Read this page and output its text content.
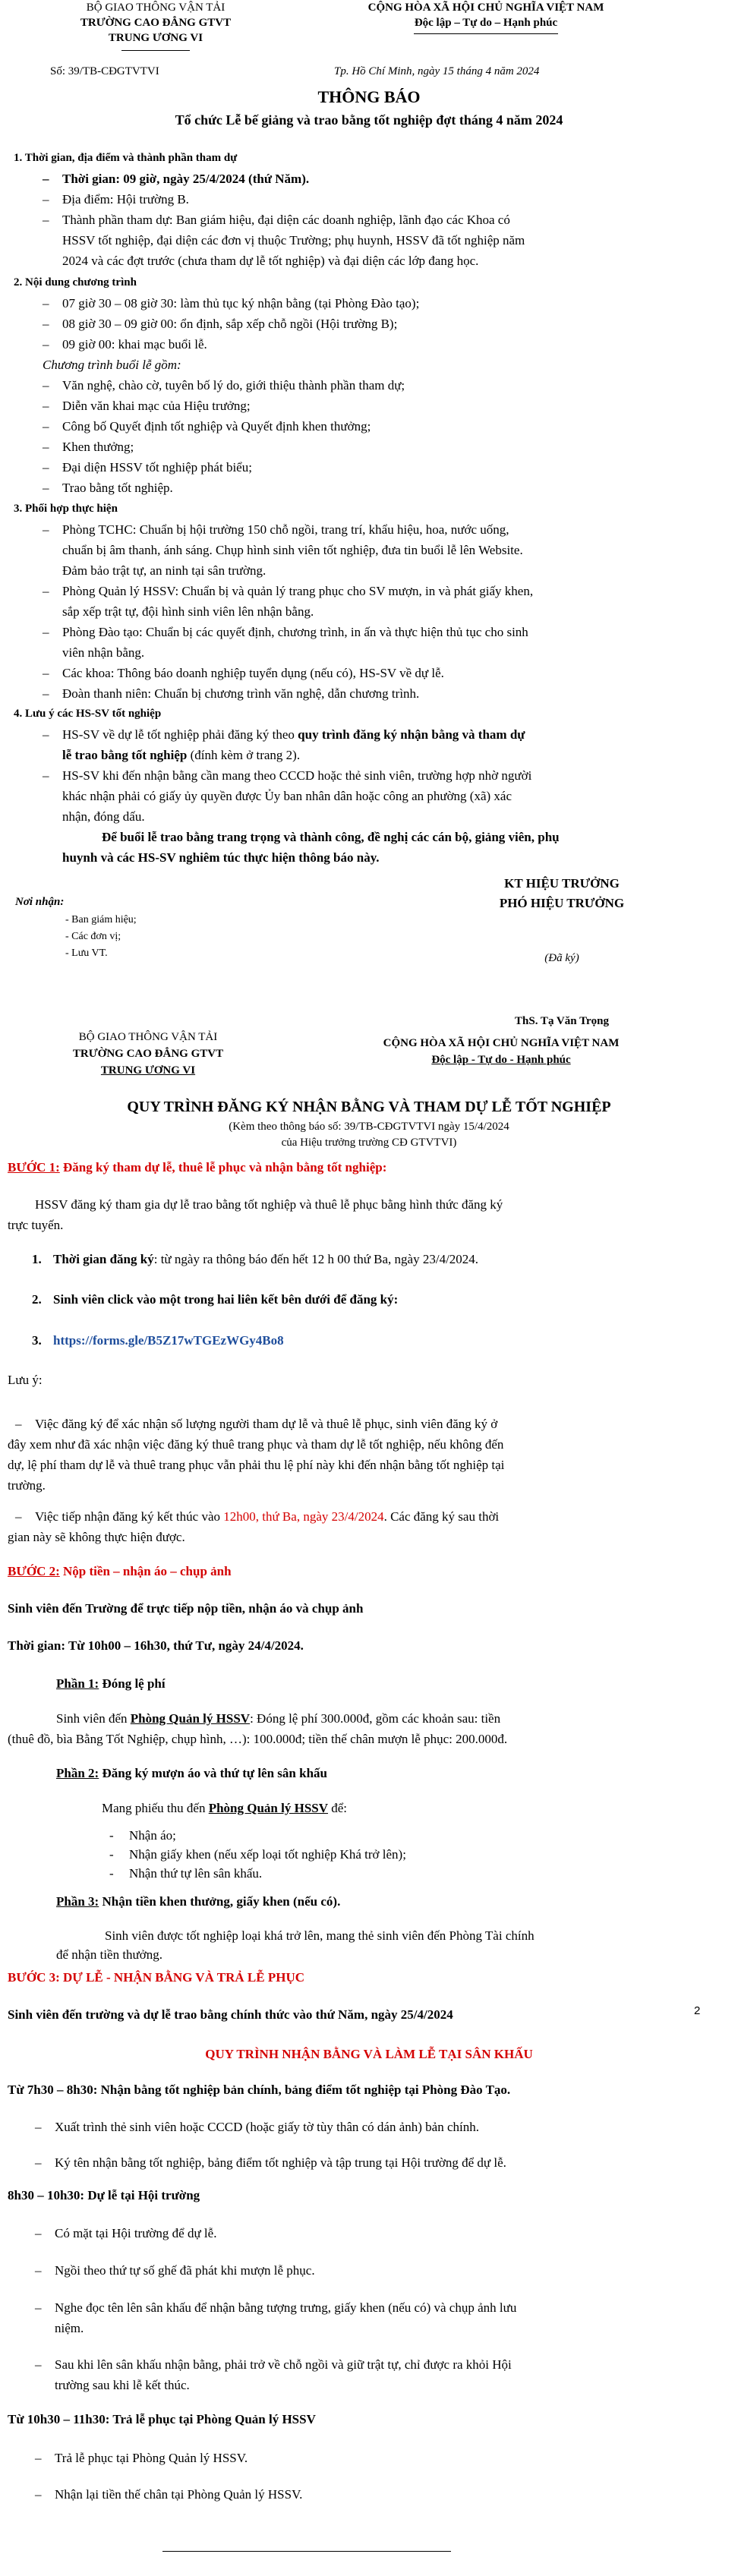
BỘ GIAO THÔNG VẬN TẢI
TRƯỜNG CAO ĐẲNG GTVT
TRUNG ƯƠNG VI
CỘNG HÒA XÃ HỘI CHỦ NGHĨA VIỆT NAM
Độc lập – Tự do – Hạnh phúc
Số: 39/TB-CĐGTVTVI	Tp. Hồ Chí Minh, ngày 15 tháng 4 năm 2024
THÔNG BÁO
Tổ chức Lễ bế giảng và trao bằng tốt nghiệp đợt tháng 4 năm 2024
1. Thời gian, địa điểm và thành phần tham dự
– Thời gian: 09 giờ, ngày 25/4/2024 (thứ Năm).
– Địa điểm: Hội trường B.
– Thành phần tham dự: Ban giám hiệu, đại diện các doanh nghiệp, lãnh đạo các Khoa có
HSSV tốt nghiệp, đại diện các đơn vị thuộc Trường; phụ huynh, HSSV đã tốt nghiệp năm
2024 và các đợt trước (chưa tham dự lễ tốt nghiệp) và đại diện các lớp đang học.
2. Nội dung chương trình
– 07 giờ 30 – 08 giờ 30: làm thủ tục ký nhận bằng (tại Phòng Đào tạo);
– 08 giờ 30 – 09 giờ 00: ổn định, sắp xếp chỗ ngồi (Hội trường B);
– 09 giờ 00: khai mạc buổi lễ.
Chương trình buổi lễ gồm:
– Văn nghệ, chào cờ, tuyên bố lý do, giới thiệu thành phần tham dự;
– Diễn văn khai mạc của Hiệu trưởng;
– Công bố Quyết định tốt nghiệp và Quyết định khen thưởng;
– Khen thưởng;
– Đại diện HSSV tốt nghiệp phát biểu;
– Trao bằng tốt nghiệp.
3. Phối hợp thực hiện
– Phòng TCHC: Chuẩn bị hội trường 150 chỗ ngồi, trang trí, khẩu hiệu, hoa, nước uống,
chuẩn bị âm thanh, ánh sáng. Chụp hình sinh viên tốt nghiệp, đưa tin buổi lễ lên Website.
Đảm bảo trật tự, an ninh tại sân trường.
– Phòng Quản lý HSSV: Chuẩn bị và quản lý trang phục cho SV mượn, in và phát giấy khen,
sắp xếp trật tự, đội hình sinh viên lên nhận bằng.
– Phòng Đào tạo: Chuẩn bị các quyết định, chương trình, in ấn và thực hiện thủ tục cho sinh
viên nhận bằng.
– Các khoa: Thông báo doanh nghiệp tuyển dụng (nếu có), HS-SV về dự lễ.
– Đoàn thanh niên: Chuẩn bị chương trình văn nghệ, dẫn chương trình.
4. Lưu ý các HS-SV tốt nghiệp
– HS-SV về dự lễ tốt nghiệp phải đăng ký theo quy trình đăng ký nhận bằng và tham dự
lễ trao bằng tốt nghiệp (đính kèm ở trang 2).
– HS-SV khi đến nhận bằng cần mang theo CCCD hoặc thẻ sinh viên, trường hợp nhờ người
khác nhận phải có giấy ủy quyền được Ủy ban nhân dân hoặc công an phường (xã) xác
nhận, đóng dấu.
Để buổi lễ trao bằng trang trọng và thành công, đề nghị các cán bộ, giảng viên, phụ
huynh và các HS-SV nghiêm túc thực hiện thông báo này.
Nơi nhận:
- Ban giám hiệu;
- Các đơn vị;
- Lưu VT.
KT HIỆU TRƯỞNG
PHÓ HIỆU TRƯỞNG
(Đã ký)
ThS. Tạ Văn Trọng
BỘ GIAO THÔNG VẬN TẢI
TRƯỜNG CAO ĐẲNG GTVT
TRUNG ƯƠNG VI
CỘNG HÒA XÃ HỘI CHỦ NGHĨA VIỆT NAM
Độc lập - Tự do - Hạnh phúc
QUY TRÌNH ĐĂNG KÝ NHẬN BẰNG VÀ THAM DỰ LỄ TỐT NGHIỆP
(Kèm theo thông báo số: 39/TB-CĐGTVTVI ngày 15/4/2024
của Hiệu trưởng trường CĐ GTVTVI)
BƯỚC 1: Đăng ký tham dự lễ, thuê lễ phục và nhận bằng tốt nghiệp:
HSSV đăng ký tham gia dự lễ trao bằng tốt nghiệp và thuê lễ phục bằng hình thức đăng ký
trực tuyến.
1. Thời gian đăng ký: từ ngày ra thông báo đến hết 12 h 00 thứ Ba, ngày 23/4/2024.
2. Sinh viên click vào một trong hai liên kết bên dưới để đăng ký:
3. https://forms.gle/B5Z17wTGEzWGy4Bo8
Lưu ý:
– Việc đăng ký để xác nhận số lượng người tham dự lễ và thuê lễ phục, sinh viên đăng ký ở
đây xem như đã xác nhận việc đăng ký thuê trang phục và tham dự lễ tốt nghiệp, nếu không đến
dự, lệ phí tham dự lễ và thuê trang phục vẫn phải thu lệ phí này khi đến nhận bằng tốt nghiệp tại
trường.
– Việc tiếp nhận đăng ký kết thúc vào 12h00, thứ Ba, ngày 23/4/2024. Các đăng ký sau thời
gian này sẽ không thực hiện được.
BƯỚC 2: Nộp tiền – nhận áo – chụp ảnh
Sinh viên đến Trường để trực tiếp nộp tiền, nhận áo và chụp ảnh
Thời gian: Từ 10h00 – 16h30, thứ Tư, ngày 24/4/2024.
Phần 1: Đóng lệ phí
Sinh viên đến Phòng Quản lý HSSV: Đóng lệ phí 300.000đ, gồm các khoản sau: tiền
(thuê đồ, bìa Bằng Tốt Nghiệp, chụp hình, …): 100.000đ; tiền thế chân mượn lễ phục: 200.000đ.
Phần 2: Đăng ký mượn áo và thứ tự lên sân khấu
Mang phiếu thu đến Phòng Quản lý HSSV để:
- Nhận áo;
- Nhận giấy khen (nếu xếp loại tốt nghiệp Khá trở lên);
- Nhận thứ tự lên sân khấu.
Phần 3: Nhận tiền khen thưởng, giấy khen (nếu có).
Sinh viên được tốt nghiệp loại khá trở lên, mang thẻ sinh viên đến Phòng Tài chính
để nhận tiền thưởng.
BƯỚC 3: DỰ LỄ - NHẬN BẰNG VÀ TRẢ LỄ PHỤC
2
Sinh viên đến trường và dự lễ trao bằng chính thức vào thứ Năm, ngày 25/4/2024
QUY TRÌNH NHẬN BẰNG VÀ LÀM LỄ TẠI SÂN KHẤU
Từ 7h30 – 8h30: Nhận bằng tốt nghiệp bản chính, bảng điểm tốt nghiệp tại Phòng Đào Tạo.
– Xuất trình thẻ sinh viên hoặc CCCD (hoặc giấy tờ tùy thân có dán ảnh) bản chính.
– Ký tên nhận bằng tốt nghiệp, bảng điểm tốt nghiệp và tập trung tại Hội trường để dự lễ.
8h30 – 10h30: Dự lễ tại Hội trường
– Có mặt tại Hội trường để dự lễ.
– Ngồi theo thứ tự số ghế đã phát khi mượn lễ phục.
– Nghe đọc tên lên sân khấu để nhận bằng tượng trưng, giấy khen (nếu có) và chụp ảnh lưu
niệm.
– Sau khi lên sân khấu nhận bằng, phải trở về chỗ ngồi và giữ trật tự, chỉ được ra khỏi Hội
trường sau khi lễ kết thúc.
Từ 10h30 – 11h30: Trả lễ phục tại Phòng Quản lý HSSV
– Trả lễ phục tại Phòng Quản lý HSSV.
– Nhận lại tiền thế chân tại Phòng Quản lý HSSV.
